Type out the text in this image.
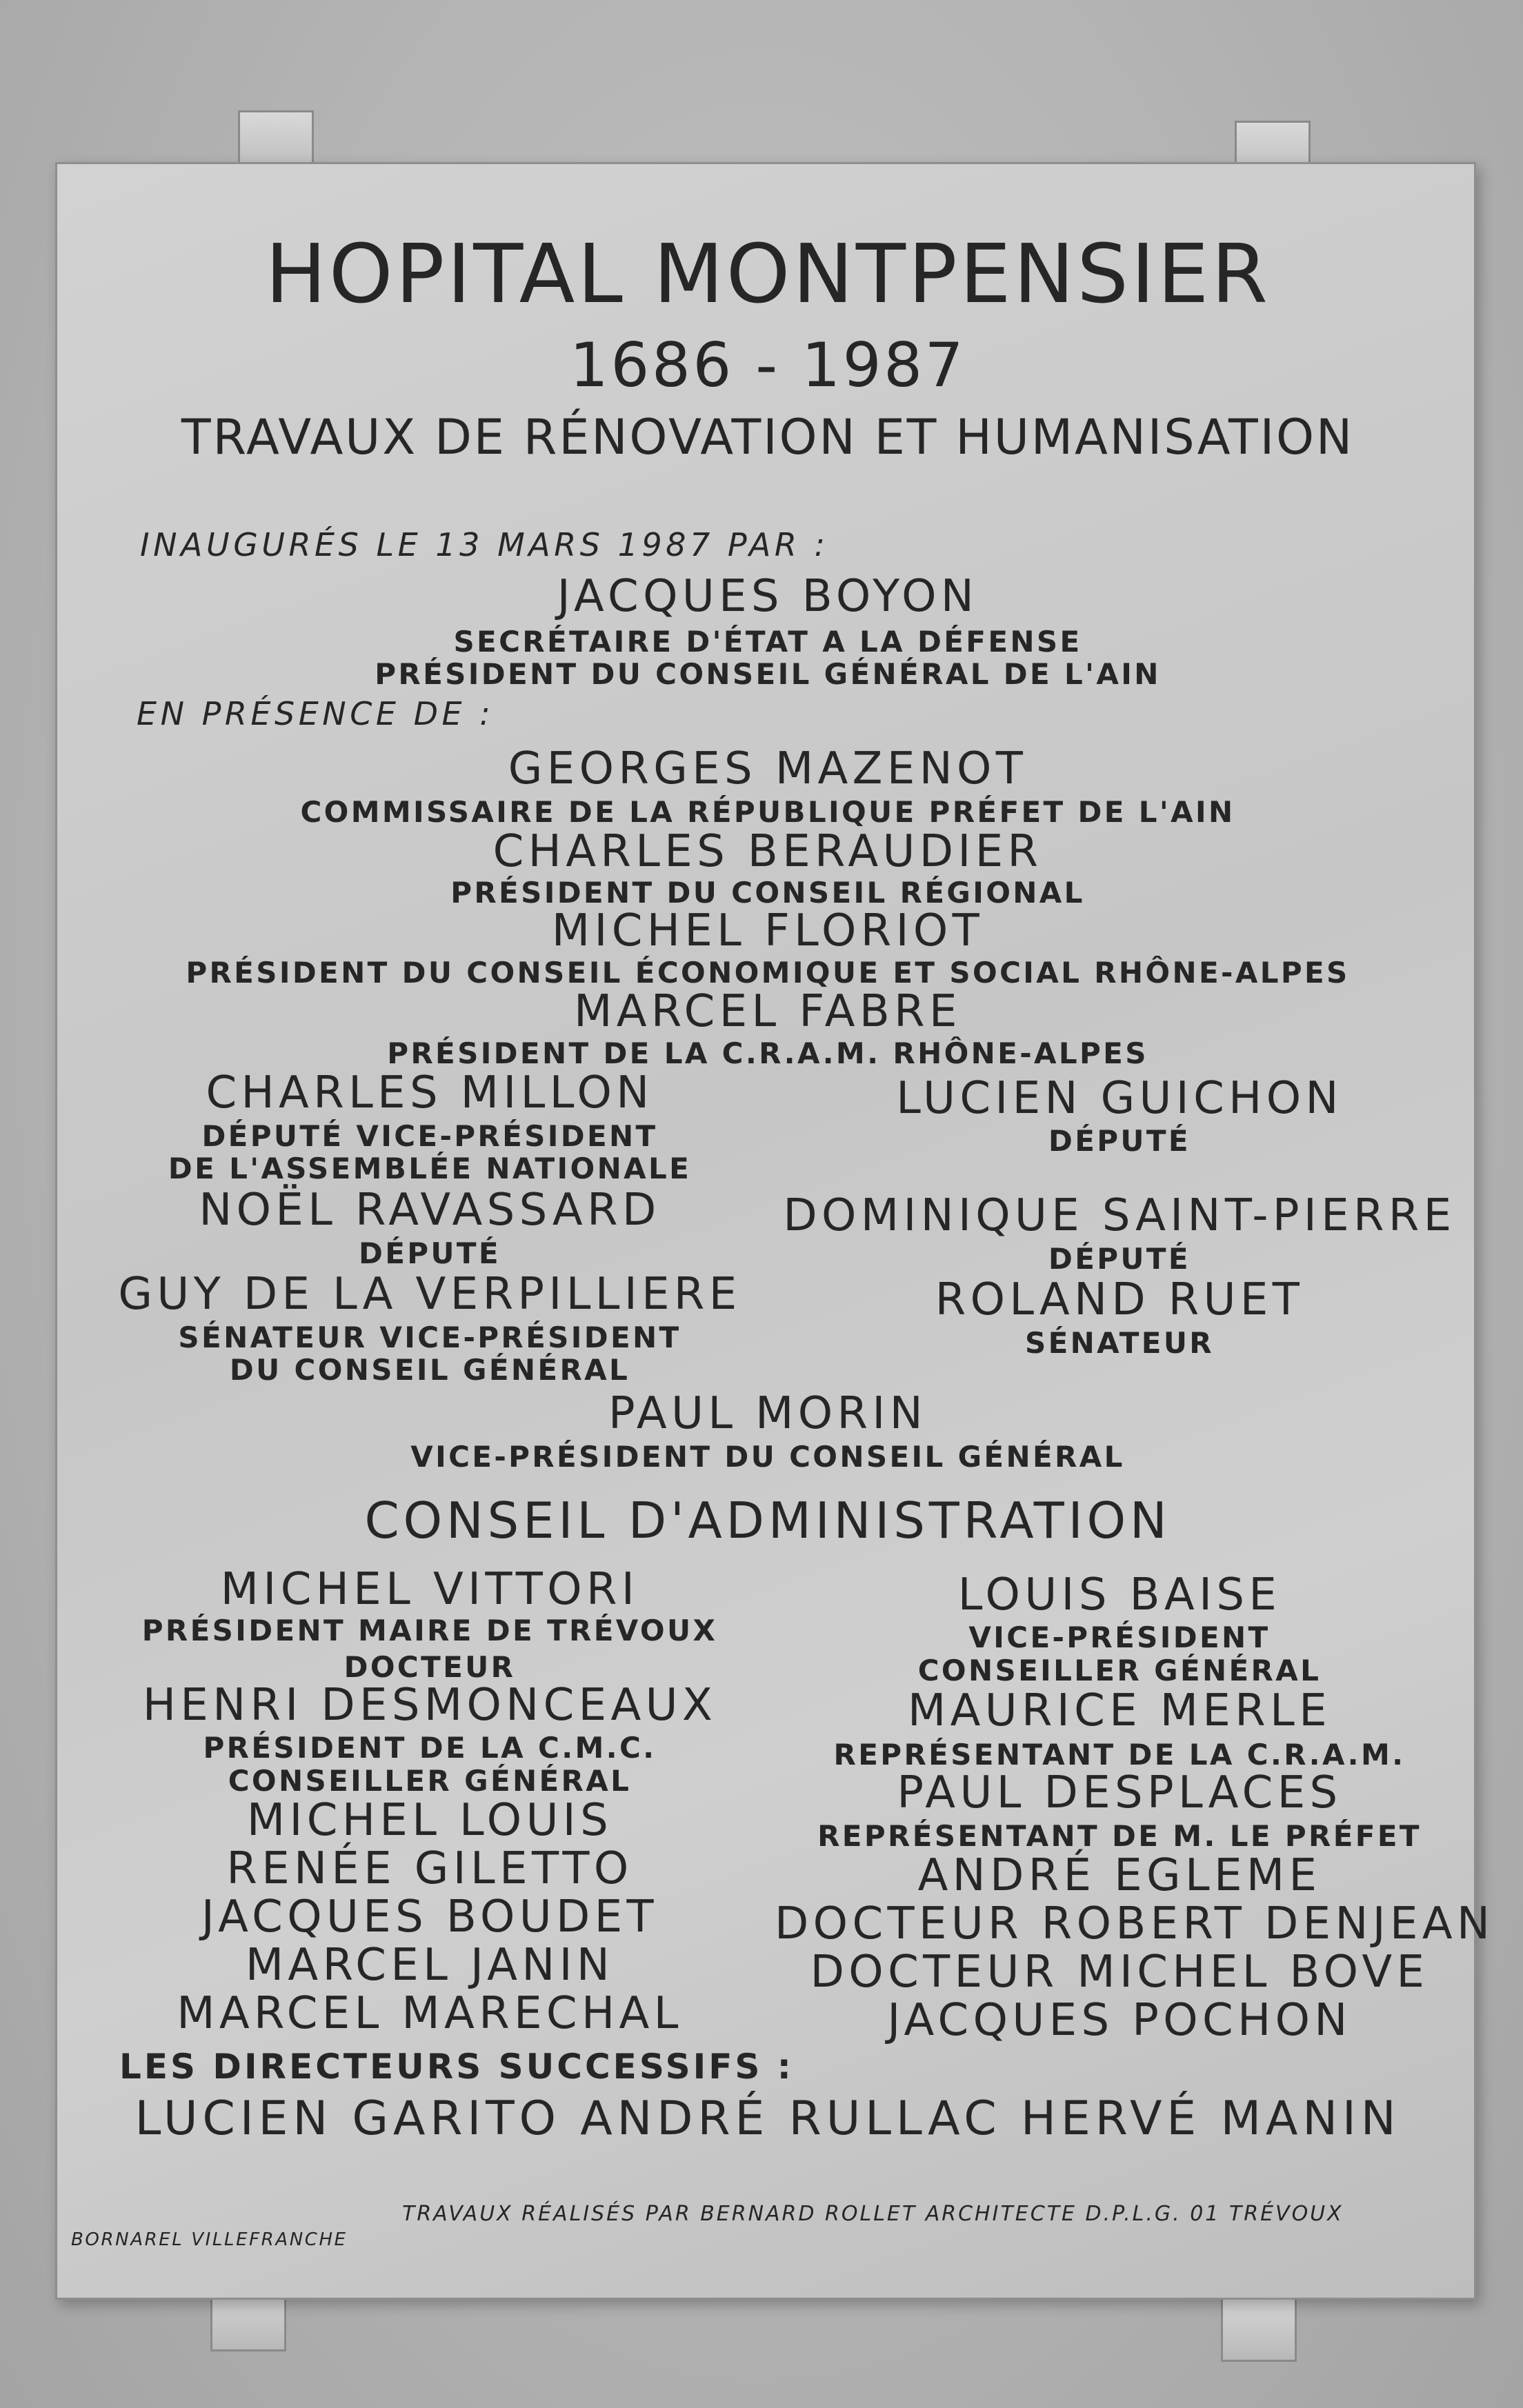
HOPITAL MONTPENSIER
1686 - 1987
TRAVAUX DE RÉNOVATION ET HUMANISATION
INAUGURÉS LE 13 MARS 1987 PAR :
JACQUES BOYON
SECRÉTAIRE D'ÉTAT A LA DÉFENSE
PRÉSIDENT DU CONSEIL GÉNÉRAL DE L'AIN
EN PRÉSENCE DE :
GEORGES MAZENOT
COMMISSAIRE DE LA RÉPUBLIQUE PRÉFET DE L'AIN
CHARLES BERAUDIER
PRÉSIDENT DU CONSEIL RÉGIONAL
MICHEL FLORIOT
PRÉSIDENT DU CONSEIL ÉCONOMIQUE ET SOCIAL RHÔNE-ALPES
MARCEL FABRE
PRÉSIDENT DE LA C.R.A.M. RHÔNE-ALPES
CHARLES MILLON
DÉPUTÉ VICE-PRÉSIDENT
DE L'ASSEMBLÉE NATIONALE
LUCIEN GUICHON
DÉPUTÉ
NOËL RAVASSARD
DÉPUTÉ
DOMINIQUE SAINT-PIERRE
DÉPUTÉ
GUY DE LA VERPILLIERE
SÉNATEUR VICE-PRÉSIDENT
DU CONSEIL GÉNÉRAL
ROLAND RUET
SÉNATEUR
PAUL MORIN
VICE-PRÉSIDENT DU CONSEIL GÉNÉRAL
CONSEIL D'ADMINISTRATION
MICHEL VITTORI
PRÉSIDENT MAIRE DE TRÉVOUX
LOUIS BAISE
VICE-PRÉSIDENT
CONSEILLER GÉNÉRAL
DOCTEUR
HENRI DESMONCEAUX
PRÉSIDENT DE LA C.M.C.
CONSEILLER GÉNÉRAL
MAURICE MERLE
REPRÉSENTANT DE LA C.R.A.M.
PAUL DESPLACES
REPRÉSENTANT DE M. LE PRÉFET
MICHEL LOUIS
RENÉE GILETTO
JACQUES BOUDET
MARCEL JANIN
MARCEL MARECHAL
ANDRÉ EGLEME
DOCTEUR ROBERT DENJEAN
DOCTEUR MICHEL BOVE
JACQUES POCHON
LES DIRECTEURS SUCCESSIFS :
LUCIEN GARITO ANDRÉ RULLAC HERVÉ MANIN
TRAVAUX RÉALISÉS PAR BERNARD ROLLET ARCHITECTE D.P.L.G. 01 TRÉVOUX
BORNAREL VILLEFRANCHE
